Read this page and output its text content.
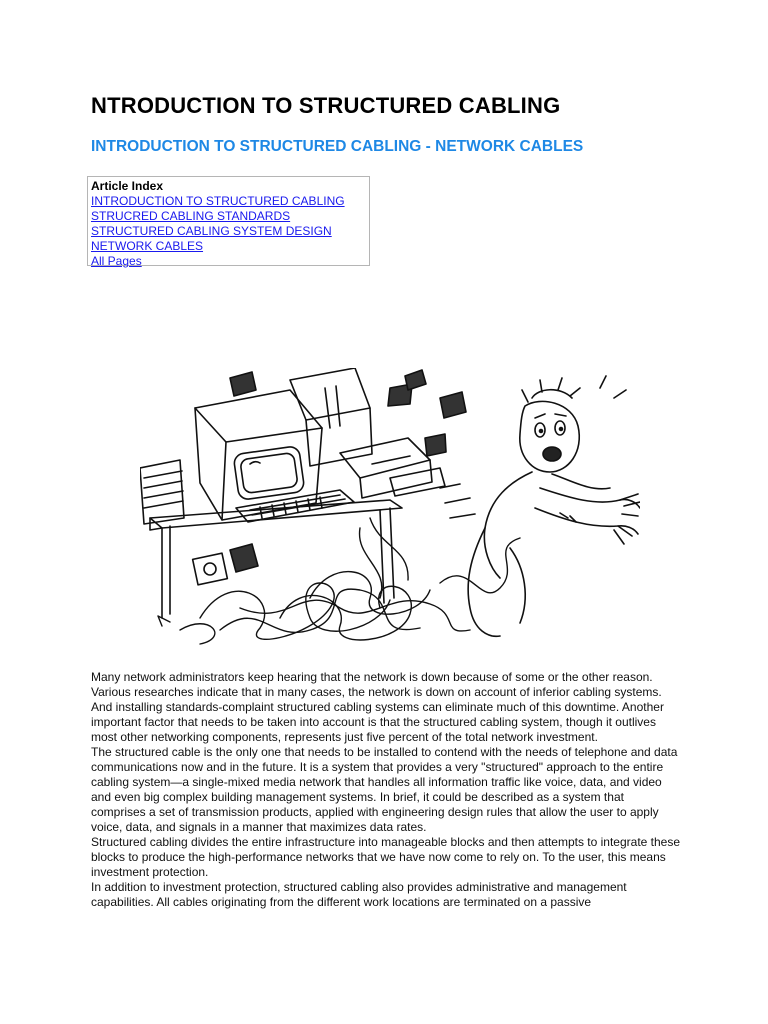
NTRODUCTION TO STRUCTURED CABLING
INTRODUCTION TO STRUCTURED CABLING - NETWORK CABLES
Article Index
INTRODUCTION TO STRUCTURED CABLING
STRUCRED CABLING STANDARDS
STRUCTURED CABLING SYSTEM DESIGN
NETWORK CABLES
All Pages

Many network administrators keep hearing that the network is down because of some or the other reason. Various researches indicate that in many cases, the network is down on account of inferior cabling systems. And installing standards-complaint structured cabling systems can eliminate much of this downtime. Another important factor that needs to be taken into account is that the structured cabling system, though it outlives most other networking components, represents just five percent of the total network investment.

The structured cable is the only one that needs to be installed to contend with the needs of telephone and data communications now and in the future. It is a system that provides a very "structured" approach to the entire cabling system—a single-mixed media network that handles all information traffic like voice, data, and video and even big complex building management systems. In brief, it could be described as a system that comprises a set of transmission products, applied with engineering design rules that allow the user to apply voice, data, and signals in a manner that maximizes data rates.

Structured cabling divides the entire infrastructure into manageable blocks and then attempts to integrate these blocks to produce the high-performance networks that we have now come to rely on. To the user, this means investment protection.

In addition to investment protection, structured cabling also provides administrative and management capabilities. All cables originating from the different work locations are terminated on a passive
